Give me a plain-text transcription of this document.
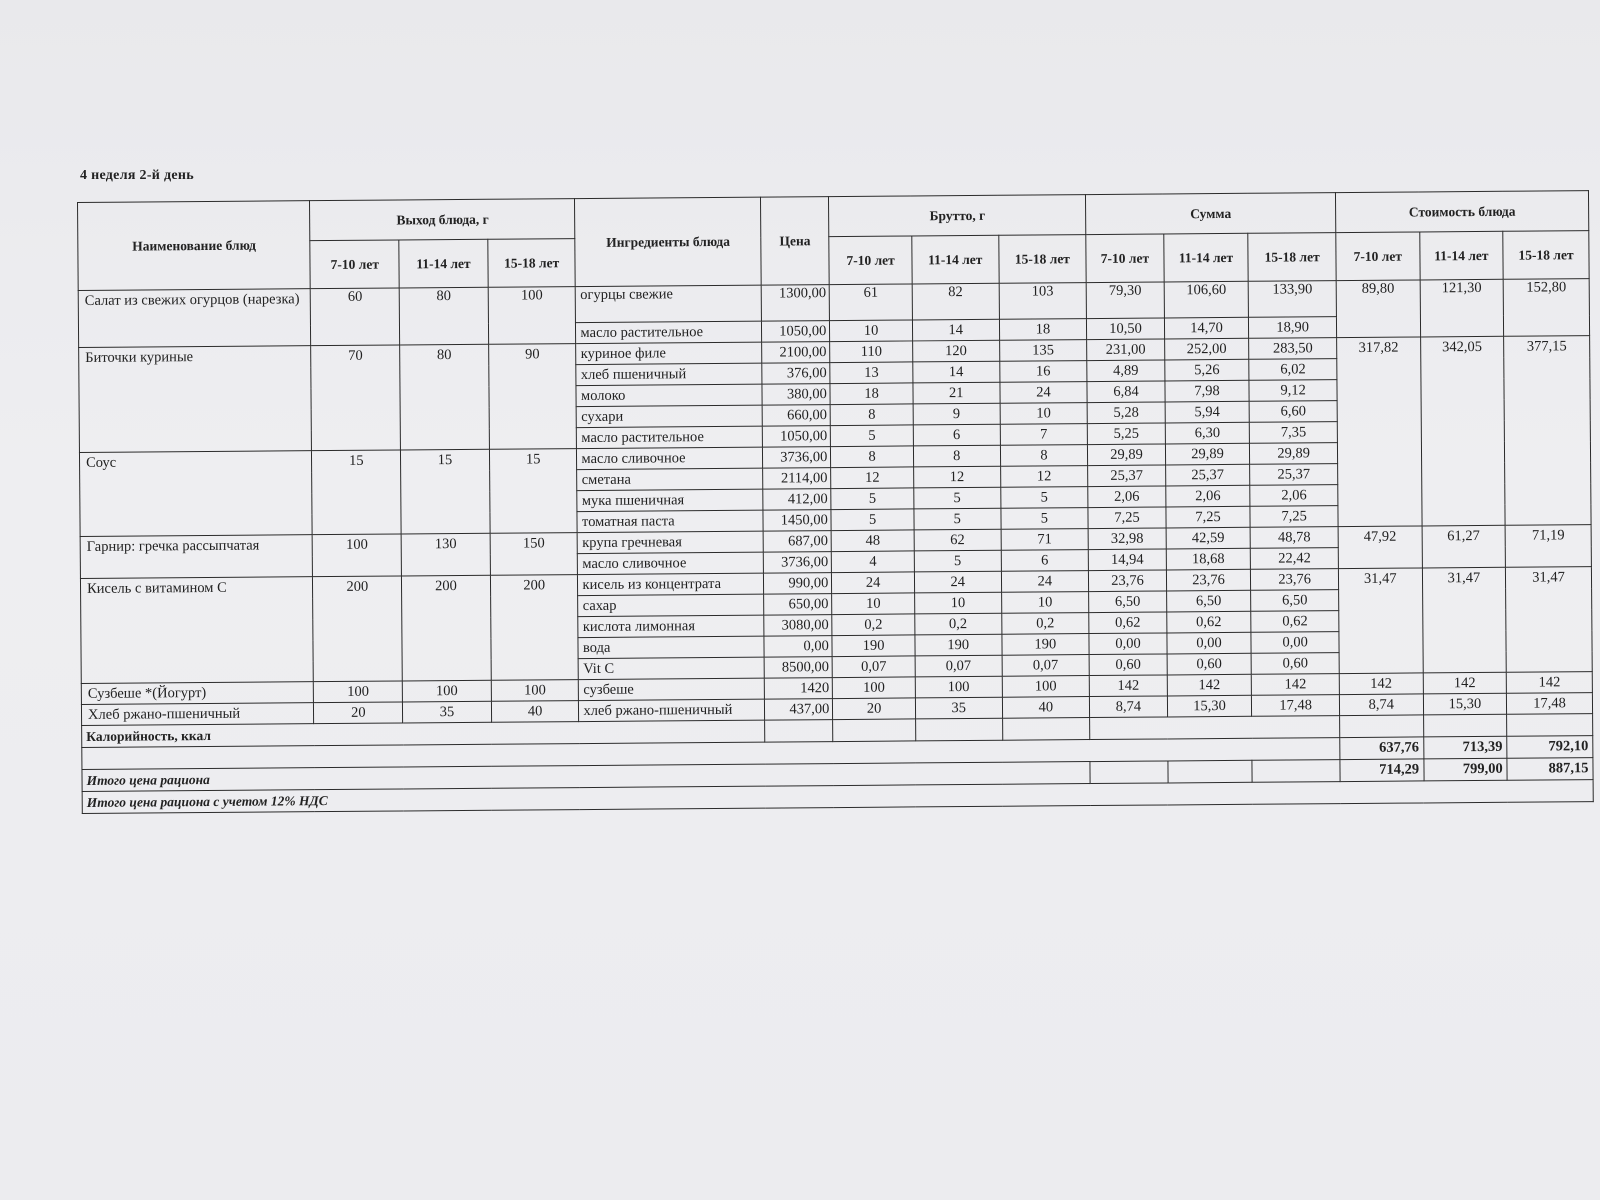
4 неделя 2-й день
Наименование блюд	Выход блюда, г			Ингредиенты блюда	Цена	Брутто, г			Сумма			Стоимость блюда		
	7-10 лет	11-14 лет	15-18 лет			7-10 лет	11-14 лет	15-18 лет	7-10 лет	11-14 лет	15-18 лет	7-10 лет	11-14 лет	15-18 лет
Салат из свежих огурцов (нарезка)	60	80	100	огурцы свежие	1300,00	61	82	103	79,30	106,60	133,90	89,80	121,30	152,80
				масло растительное	1050,00	10	14	18	10,50	14,70	18,90			
Биточки куриные	70	80	90	куриное филе	2100,00	110	120	135	231,00	252,00	283,50	317,82	342,05	377,15
				хлеб пшеничный	376,00	13	14	16	4,89	5,26	6,02			
				молоко	380,00	18	21	24	6,84	7,98	9,12			
				сухари	660,00	8	9	10	5,28	5,94	6,60			
				масло растительное	1050,00	5	6	7	5,25	6,30	7,35			
Соус	15	15	15	масло сливочное	3736,00	8	8	8	29,89	29,89	29,89			
				сметана	2114,00	12	12	12	25,37	25,37	25,37			
				мука пшеничная	412,00	5	5	5	2,06	2,06	2,06			
				томатная паста	1450,00	5	5	5	7,25	7,25	7,25			
Гарнир: гречка рассыпчатая	100	130	150	крупа гречневая	687,00	48	62	71	32,98	42,59	48,78	47,92	61,27	71,19
				масло сливочное	3736,00	4	5	6	14,94	18,68	22,42			
Кисель с витамином С	200	200	200	кисель из концентрата	990,00	24	24	24	23,76	23,76	23,76	31,47	31,47	31,47
				сахар	650,00	10	10	10	6,50	6,50	6,50			
				кислота лимонная	3080,00	0,2	0,2	0,2	0,62	0,62	0,62			
				вода	0,00	190	190	190	0,00	0,00	0,00			
				Vit C	8500,00	0,07	0,07	0,07	0,60	0,60	0,60			
Сузбеше *(Йогурт)	100	100	100	сузбеше	1420	100	100	100	142	142	142	142	142	142
Хлеб ржано-пшеничный	20	35	40	хлеб ржано-пшеничный	437,00	20	35	40	8,74	15,30	17,48	8,74	15,30	17,48
Калорийность, ккал														
												637,76	713,39	792,10
Итого цена рациона												714,29	799,00	887,15
Итого цена рациона с учетом 12% НДС														
